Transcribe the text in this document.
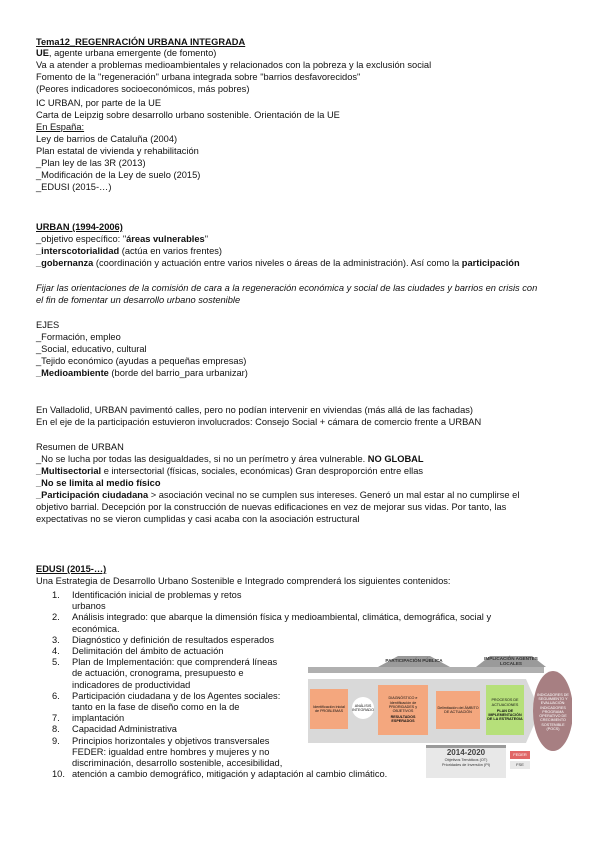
Tema12_REGENRACIÓN URBANA INTEGRADA
UE, agente urbana emergente (de fomento)
Va a atender a problemas medioambientales y relacionados con la pobreza y la exclusión social
Fomento de la "regeneración" urbana integrada sobre "barrios desfavorecidos"
(Peores indicadores socioeconómicos, más pobres)
IC URBAN, por parte de la UE
Carta de Leipzig sobre desarrollo urbano sostenible. Orientación de la UE
En España:
Ley de barrios de Cataluña (2004)
Plan estatal de vivienda y rehabilitación
_Plan ley de las 3R (2013)
_Modificación de la Ley de suelo (2015)
_EDUSI (2015-…)
URBAN (1994-2006)
_objetivo específico: "áreas vulnerables"
_interscotorialidad (actúa en varios frentes)
_gobernanza (coordinación y actuación entre varios niveles o áreas de la administración). Así como la participación
Fijar las orientaciones de la comisión de cara a la regeneración económica y social de las ciudades y barrios en crisis con
el fin de fomentar un desarrollo urbano sostenible
EJES
_Formación, empleo
_Social, educativo, cultural
_Tejido económico (ayudas a pequeñas empresas)
_Medioambiente (borde del barrio_para urbanizar)
En Valladolid, URBAN pavimentó calles, pero no podían intervenir en viviendas (más allá de las fachadas)
En el eje de la participación estuvieron involucrados: Consejo Social + cámara de comercio frente a URBAN
Resumen de URBAN
_No se lucha por todas las desigualdades, si no un perímetro y área vulnerable. NO GLOBAL
_Multisectorial e intersectorial (físicas, sociales, económicas) Gran desproporción entre ellas
_No se limita al medio físico
_Participación ciudadana > asociación vecinal no se cumplen sus intereses. Generó un mal estar al no cumplirse el
objetivo barrial. Decepción por la construcción de nuevas edificaciones en vez de mejorar sus vidas. Por tanto, las
expectativas no se vieron cumplidas y casi acaba con la asociación estructural
EDUSI (2015-…)
Una Estrategia de Desarrollo Urbano Sostenible e Integrado comprenderá los siguientes contenidos:
1. Identificación inicial de problemas y retos
urbanos
2. Análisis integrado: que abarque la dimensión física y medioambiental, climática, demográfica, social y
económica.
3. Diagnóstico y definición de resultados esperados
4. Delimitación del ámbito de actuación
5. Plan de Implementación: que comprenderá líneas
de actuación, cronograma, presupuesto e
indicadores de productividad
6. Participación ciudadana y de los Agentes sociales:
tanto en la fase de diseño como en la de
7. implantación
8. Capacidad Administrativa
9. Principios horizontales y objetivos transversales
FEDER: igualdad entre hombres y mujeres y no
discriminación, desarrollo sostenible, accesibilidad,
10. atención a cambio demográfico, mitigación y adaptación al cambio climático.
PARTICIPACIÓN PÚBLICA	IMPLICACIÓN AGENTES LOCALES
Identificación inicial de PROBLEMAS
ANÁLISIS INTEGRADO
DIAGNÓSTICO e Identificación de PRIORIDADES y OBJETIVOS
RESULTADOS ESPERADOS
Delimitación del ÁMBITO DE ACTUACIÓN
PROCESOS DE ACTUACIONES
PLAN DE IMPLEMENTACIÓN DE LA ESTRATEGIA
INDICADORES DE SEGUIMIENTO Y EVALUACIÓN: INDICADORES PROGRAMA OPERATIVO DE CRECIMIENTO SOSTENIBLE (POCS)
2014-2020
Objetivos Temáticos (OT)
Prioridades de Inversión (PI)
FEDER
FSE
